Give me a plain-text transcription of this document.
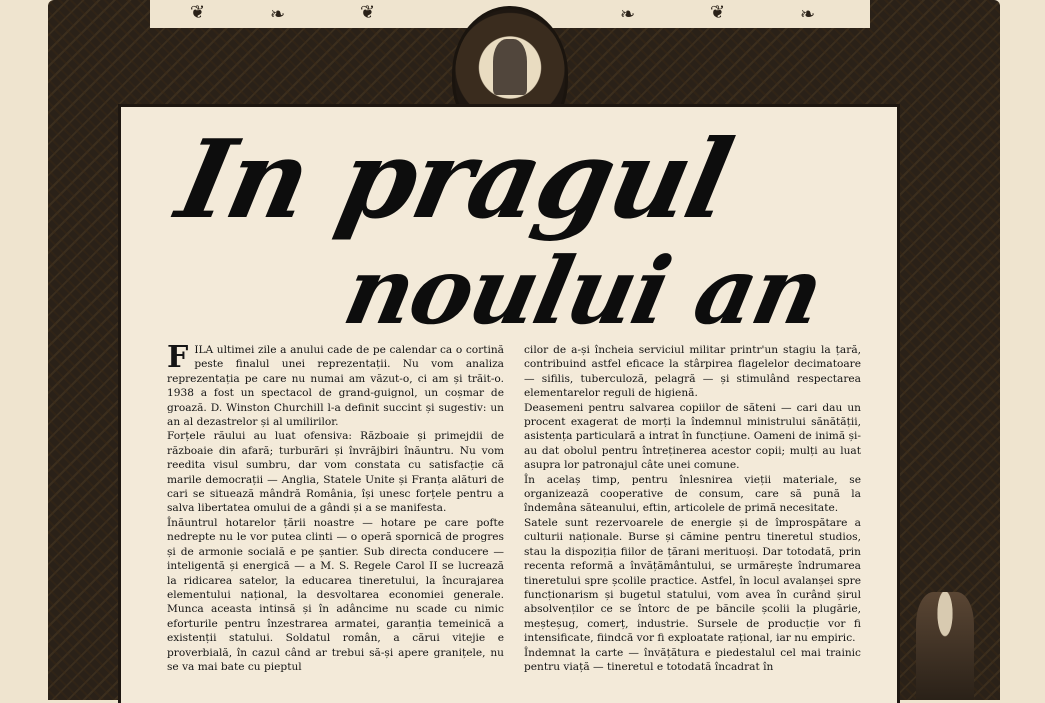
❦	❧	❦	❧	❦	❧
In pragul
noului an

FILA ultimei zile a anului cade de pe calendar ca o cortină peste finalul unei reprezentații. Nu vom analiza reprezentația pe care nu numai am văzut-o, ci am și trăit-o. 1938 a fost un spectacol de grand-guignol, un coșmar de groază. D. Winston Churchill l-a definit succint și sugestiv: un an al dezastrelor și al umilirilor.

Forțele răului au luat ofensiva: Războaie și primejdii de războaie din afară; turburări și învrăjbiri înăuntru. Nu vom reedita visul sumbru, dar vom constata cu satisfacție că marile democrații — Anglia, Statele Unite și Franța alături de cari se situează mândră România, își unesc forțele pentru a salva libertatea omului de a gândi și a se manifesta.

Înăuntrul hotarelor țării noastre — hotare pe care pofte nedrepte nu le vor putea clinti — o operă spornică de progres și de armonie socială e pe șantier. Sub directa conducere — inteligentă și energică — a M. S. Regele Carol II se lucrează la ridicarea satelor, la educarea tineretului, la încurajarea elementului național, la desvoltarea economiei generale. Munca aceasta intinsă și în adâncime nu scade cu nimic eforturile pentru înzestrarea armatei, garanția temeinică a existenții statului. Soldatul român, a cărui vitejie e proverbială, în cazul când ar trebui să-și apere granițele, nu se va mai bate cu pieptul

cilor de a-și încheia serviciul militar printr'un stagiu la țară, contribuind astfel eficace la stârpirea flagelelor decimatoare — sifilis, tuberculoză, pelagră — și stimulând respectarea elementarelor reguli de higienă.

Deasemeni pentru salvarea copiilor de săteni — cari dau un procent exagerat de morți la îndemnul ministrului sănătății, asistența particulară a intrat în funcțiune. Oameni de inimă și-au dat obolul pentru întreținerea acestor copii; mulți au luat asupra lor patronajul câte unei comune.

În acelaș timp, pentru înlesnirea vieții materiale, se organizează cooperative de consum, care să pună la îndemâna săteanului, eftin, articolele de primă necesitate.

Satele sunt rezervoarele de energie și de împrospătare a culturii naționale. Burse și cămine pentru tineretul studios, stau la dispoziția fiilor de țărani merituoși. Dar totodată, prin recenta reformă a învățământului, se urmărește îndrumarea tineretului spre școlile practice. Astfel, în locul avalanșei spre funcționarism și bugetul statului, vom avea în curând șirul absolvenților ce se întorc de pe băncile școlii la plugărie, meșteșug, comerț, industrie. Sursele de producție vor fi intensificate, fiindcă vor fi exploatate rațional, iar nu empiric.

Îndemnat la carte — învățătura e piedestalul cel mai trainic pentru viață — tineretul e totodată încadrat în
